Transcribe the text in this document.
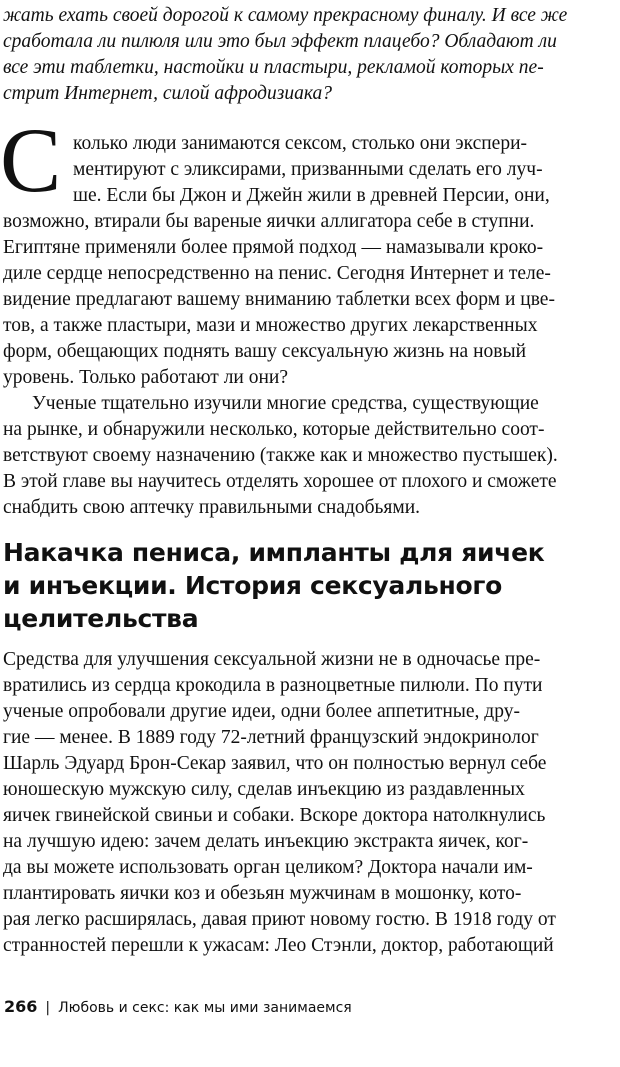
жать ехать своей дорогой к самому прекрасному финалу. И все же
сработала ли пилюля или это был эффект плацебо? Обладают ли
все эти таблетки, настойки и пластыри, рекламой которых пе-
стрит Интернет, силой афродизиака?
С колько люди занимаются сексом, столько они экспери-
ментируют с эликсирами, призванными сделать его луч-
ше. Если бы Джон и Джейн жили в древней Персии, они,
возможно, втирали бы вареные яички аллигатора себе в ступни.
Египтяне применяли более прямой подход — намазывали кроко-
диле сердце непосредственно на пенис. Сегодня Интернет и теле-
видение предлагают вашему вниманию таблетки всех форм и цве-
тов, а также пластыри, мази и множество других лекарственных
форм, обещающих поднять вашу сексуальную жизнь на новый
уровень. Только работают ли они?
Ученые тщательно изучили многие средства, существующие
на рынке, и обнаружили несколько, которые действительно соот-
ветствуют своему назначению (также как и множество пустышек).
В этой главе вы научитесь отделять хорошее от плохого и сможете
снабдить свою аптечку правильными снадобьями.
Накачка пениса, импланты для яичек
и инъекции. История сексуального
целительства
Средства для улучшения сексуальной жизни не в одночасье пре-
вратились из сердца крокодила в разноцветные пилюли. По пути
ученые опробовали другие идеи, одни более аппетитные, дру-
гие — менее. В 1889 году 72-летний французский эндокринолог
Шарль Эдуард Брон-Секар заявил, что он полностью вернул себе
юношескую мужскую силу, сделав инъекцию из раздавленных
яичек гвинейской свиньи и собаки. Вскоре доктора натолкнулись
на лучшую идею: зачем делать инъекцию экстракта яичек, ког-
да вы можете использовать орган целиком? Доктора начали им-
плантировать яички коз и обезьян мужчинам в мошонку, кото-
рая легко расширялась, давая приют новому гостю. В 1918 году от
странностей перешли к ужасам: Лео Стэнли, доктор, работающий
266 | Любовь и секс: как мы ими занимаемся
